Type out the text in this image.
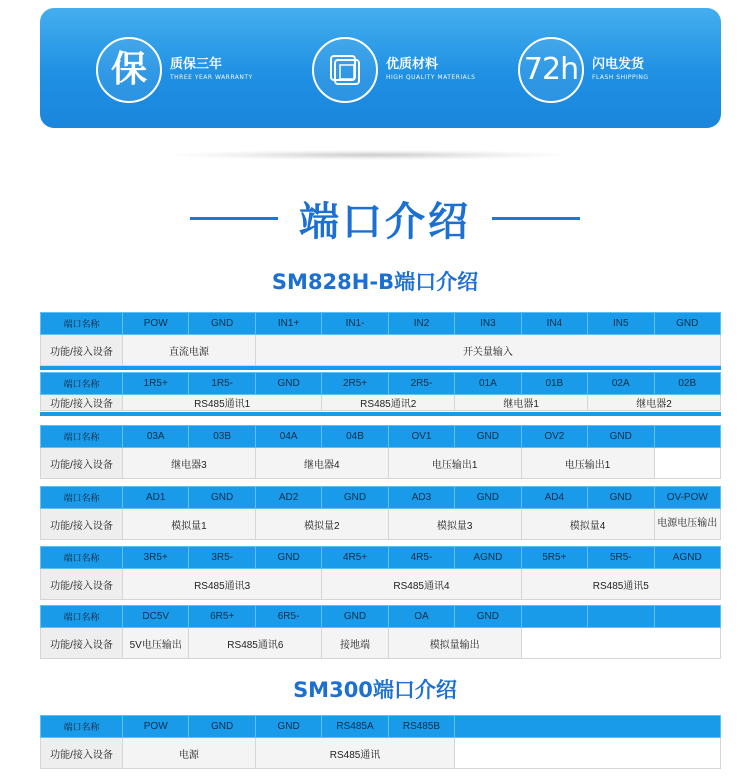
保 质保三年
THREE YEAR WARRANTY
优质材料
HIGH QUALITY MATERIALS 72h 闪电发货
FLASH SHIPPING
端口介绍
SM828H-B端口介绍
端口名称	POW	GND	IN1+	IN1-	IN2	IN3	IN4	IN5	GND
功能/接入设备	直流电源		开关量输入						
端口名称	1R5+	1R5-	GND	2R5+	2R5-	01A	01B	02A	02B
功能/接入设备	RS485通讯1			RS485通讯2		继电器1		继电器2	
端口名称	03A	03B	04A	04B	OV1	GND	OV2	GND	
功能/接入设备	继电器3		继电器4		电压输出1		电压输出1		
端口名称	AD1	GND	AD2	GND	AD3	GND	AD4	GND	OV-POW
功能/接入设备	模拟量1		模拟量2		模拟量3		模拟量4		电源电压输出
端口名称	3R5+	3R5-	GND	4R5+	4R5-	AGND	5R5+	5R5-	AGND
功能/接入设备	RS485通讯3			RS485通讯4			RS485通讯5		
端口名称	DC5V	6R5+	6R5-	GND	OA	GND			
功能/接入设备	5V电压输出	RS485通讯6		接地端	模拟量输出				
SM300端口介绍
端口名称	POW	GND	GND	RS485A	RS485B	
功能/接入设备	电源		RS485通讯			
